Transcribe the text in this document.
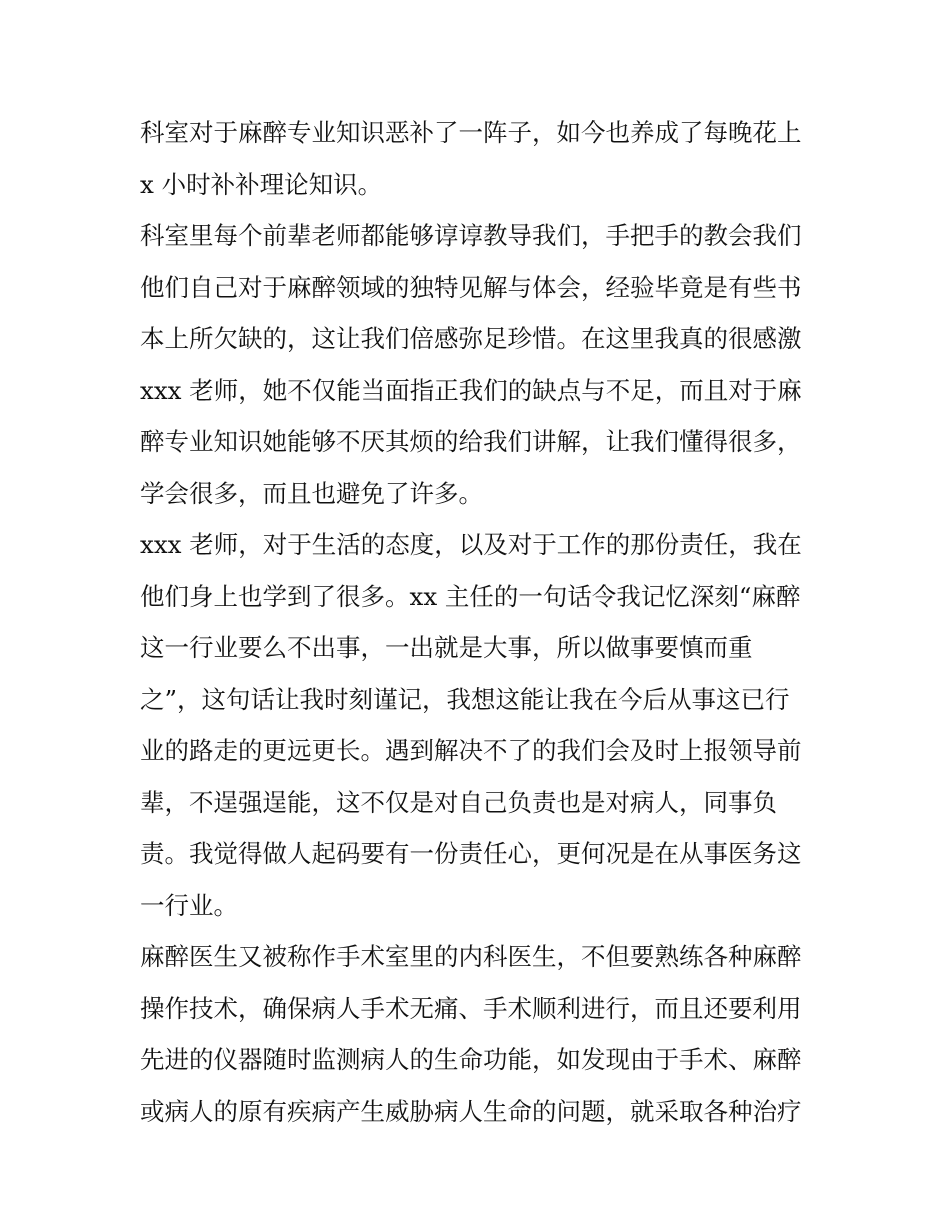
科室对于麻醉专业知识恶补了一阵子，如今也养成了每晚花上
x 小时补补理论知识。
科室里每个前辈老师都能够谆谆教导我们，手把手的教会我们
他们自己对于麻醉领域的独特见解与体会，经验毕竟是有些书
本上所欠缺的，这让我们倍感弥足珍惜。在这里我真的很感激
xxx 老师，她不仅能当面指正我们的缺点与不足，而且对于麻
醉专业知识她能够不厌其烦的给我们讲解，让我们懂得很多，
学会很多，而且也避免了许多。
xxx 老师，对于生活的态度，以及对于工作的那份责任，我在
他们身上也学到了很多。xx 主任的一句话令我记忆深刻“麻醉
这一行业要么不出事，一出就是大事，所以做事要慎而重
之”，这句话让我时刻谨记，我想这能让我在今后从事这已行
业的路走的更远更长。遇到解决不了的我们会及时上报领导前
辈，不逞强逞能，这不仅是对自己负责也是对病人，同事负
责。我觉得做人起码要有一份责任心，更何况是在从事医务这
一行业。
麻醉医生又被称作手术室里的内科医生，不但要熟练各种麻醉
操作技术，确保病人手术无痛、手术顺利进行，而且还要利用
先进的仪器随时监测病人的生命功能，如发现由于手术、麻醉
或病人的原有疾病产生威胁病人生命的问题，就采取各种治疗
